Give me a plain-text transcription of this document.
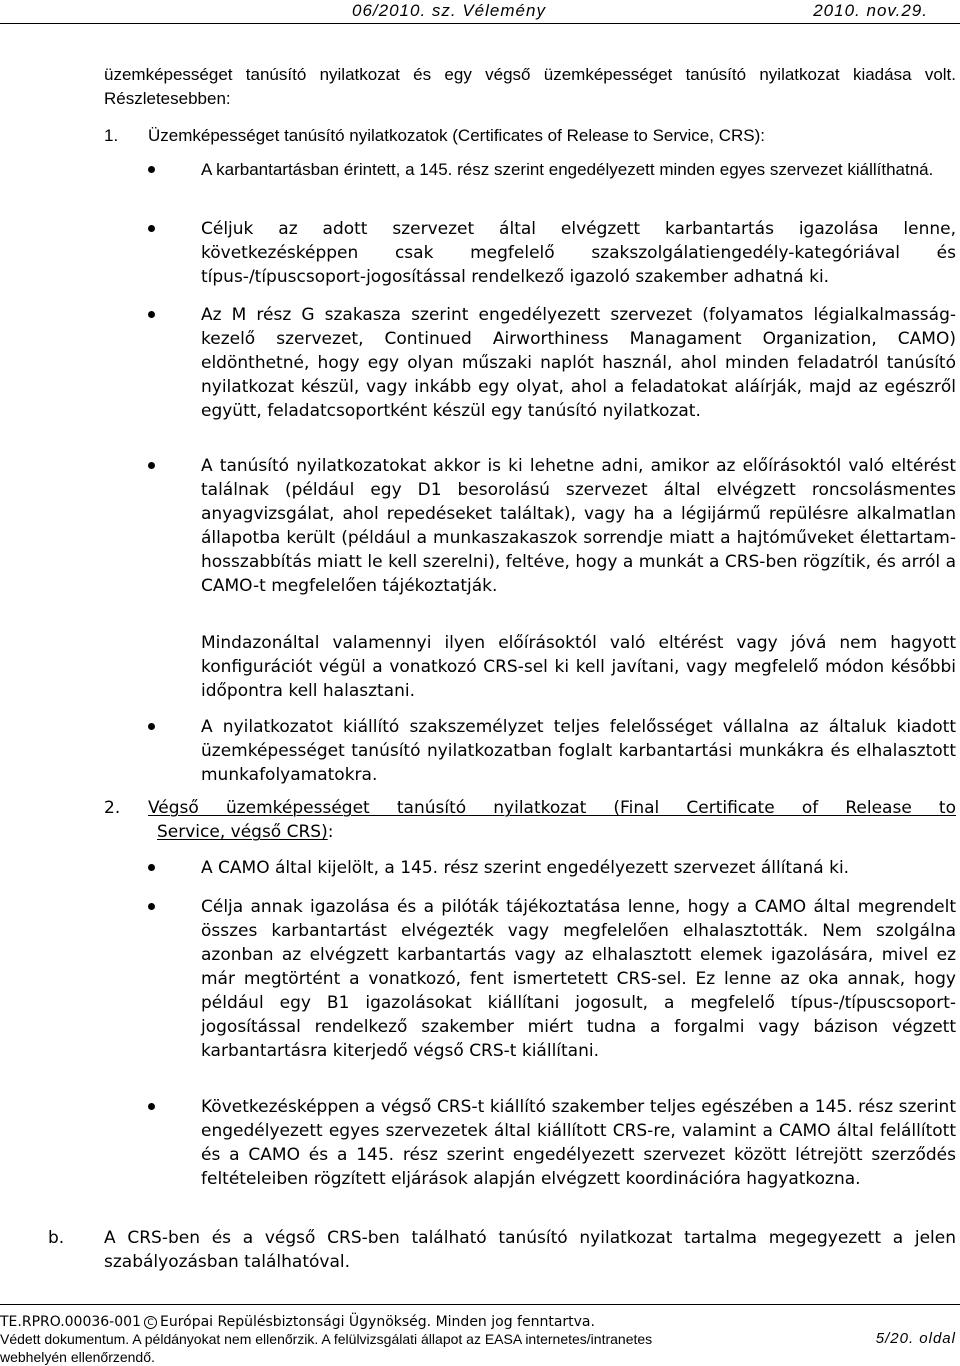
06/2010. sz. Vélemény	2010. nov.29.
üzemképességet tanúsító nyilatkozat és egy végső üzemképességet tanúsító nyilatkozat kiadása volt. Részletesebben:
1. Üzemképességet tanúsító nyilatkozatok (Certificates of Release to Service, CRS):
A karbantartásban érintett, a 145. rész szerint engedélyezett minden egyes szervezet kiállíthatná.
Céljuk az adott szervezet által elvégzett karbantartás igazolása lenne, következésképpen csak megfelelő szakszolgálatiengedély-kategóriával és típus-/típuscsoport-jogosítással rendelkező igazoló szakember adhatná ki.
Az M rész G szakasza szerint engedélyezett szervezet (folyamatos légialkalmasság-kezelő szervezet, Continued Airworthiness Managament Organization, CAMO) eldönthetné, hogy egy olyan műszaki naplót használ, ahol minden feladatról tanúsító nyilatkozat készül, vagy inkább egy olyat, ahol a feladatokat aláírják, majd az egészről együtt, feladatcsoportként készül egy tanúsító nyilatkozat.
A tanúsító nyilatkozatokat akkor is ki lehetne adni, amikor az előírásoktól való eltérést találnak (például egy D1 besorolású szervezet által elvégzett roncsolásmentes anyagvizsgálat, ahol repedéseket találtak), vagy ha a légijármű repülésre alkalmatlan állapotba került (például a munkaszakaszok sorrendje miatt a hajtóműveket élettartam-hosszabbítás miatt le kell szerelni), feltéve, hogy a munkát a CRS-ben rögzítik, és arról a CAMO-t megfelelően tájékoztatják.
Mindazonáltal valamennyi ilyen előírásoktól való eltérést vagy jóvá nem hagyott konfigurációt végül a vonatkozó CRS-sel ki kell javítani, vagy megfelelő módon későbbi időpontra kell halasztani.
A nyilatkozatot kiállító szakszemélyzet teljes felelősséget vállalna az általuk kiadott üzemképességet tanúsító nyilatkozatban foglalt karbantartási munkákra és elhalasztott munkafolyamatokra.
2. Végső üzemképességet tanúsító nyilatkozat (Final Certificate of Release to
Service, végső CRS):
A CAMO által kijelölt, a 145. rész szerint engedélyezett szervezet állítaná ki.
Célja annak igazolása és a pilóták tájékoztatása lenne, hogy a CAMO által megrendelt összes karbantartást elvégezték vagy megfelelően elhalasztották. Nem szolgálna azonban az elvégzett karbantartás vagy az elhalasztott elemek igazolására, mivel ez már megtörtént a vonatkozó, fent ismertetett CRS-sel. Ez lenne az oka annak, hogy például egy B1 igazolásokat kiállítani jogosult, a megfelelő típus-/típuscsoport-jogosítással rendelkező szakember miért tudna a forgalmi vagy bázison végzett karbantartásra kiterjedő végső CRS-t kiállítani.
Következésképpen a végső CRS-t kiállító szakember teljes egészében a 145. rész szerint engedélyezett egyes szervezetek által kiállított CRS-re, valamint a CAMO által felállított és a CAMO és a 145. rész szerint engedélyezett szervezet között létrejött szerződés feltételeiben rögzített eljárások alapján elvégzett koordinációra hagyatkozna.
b. A CRS-ben és a végső CRS-ben található tanúsító nyilatkozat tartalma megegyezett a jelen szabályozásban találhatóval.
TE.RPRO.00036-001 C Európai Repülésbiztonsági Ügynökség. Minden jog fenntartva.
Védett dokumentum. A példányokat nem ellenőrzik. A felülvizsgálati állapot az EASA internetes/intranetes
webhelyén ellenőrzendő.
5/20. oldal
